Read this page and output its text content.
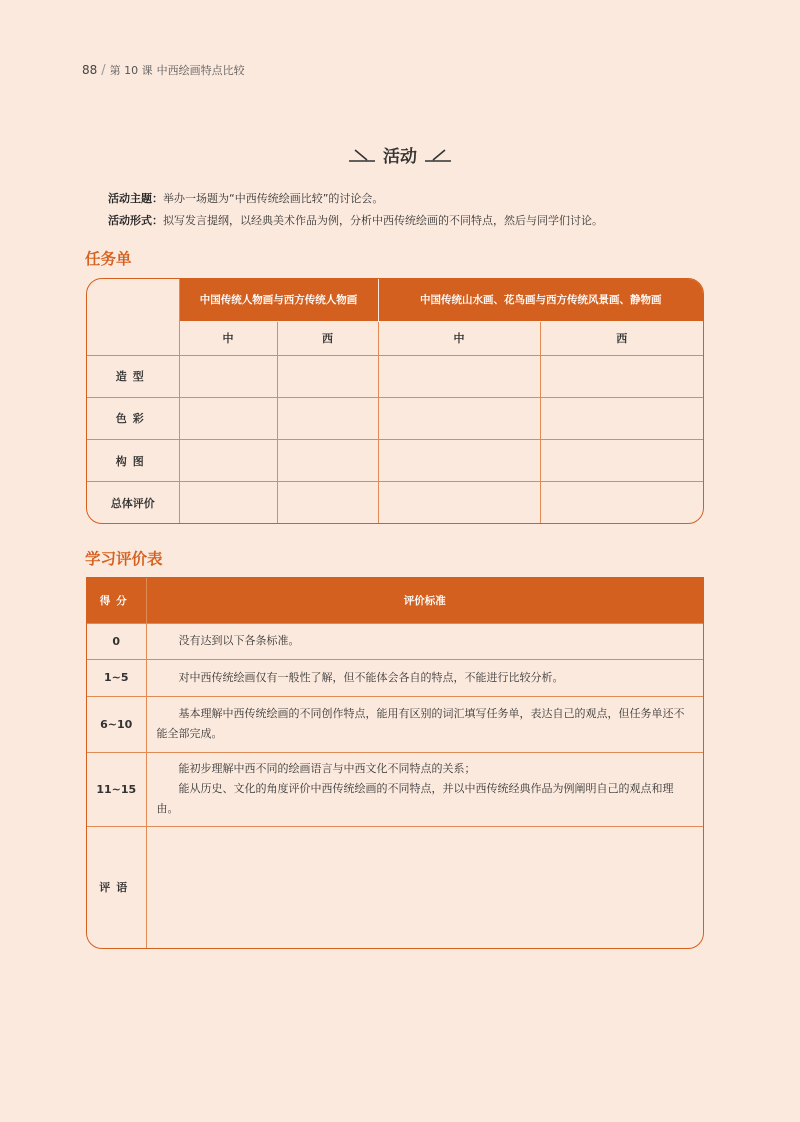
88 / 第 10 课 中西绘画特点比较
活动
活动主题：举办一场题为“中西传统绘画比较”的讨论会。
活动形式：拟写发言提纲，以经典美术作品为例，分析中西传统绘画的不同特点，然后与同学们讨论。
任务单
	中国传统人物画与西方传统人物画		中国传统山水画、花鸟画与西方传统风景画、静物画	
	中	西	中	西
造型				
色彩				
构图				
总体评价				
学习评价表
得分	评价标准
0	没有达到以下各条标准。

1~5	对中西传统绘画仅有一般性了解，但不能体会各自的特点，不能进行比较分析。

6~10	基本理解中西传统绘画的不同创作特点，能用有区别的词汇填写任务单，表达自己的观点，但任务单还不能全部完成。

11~15	能初步理解中西不同的绘画语言与中西文化不同特点的关系；

能从历史、文化的角度评价中西传统绘画的不同特点，并以中西传统经典作品为例阐明自己的观点和理由。

评语	
